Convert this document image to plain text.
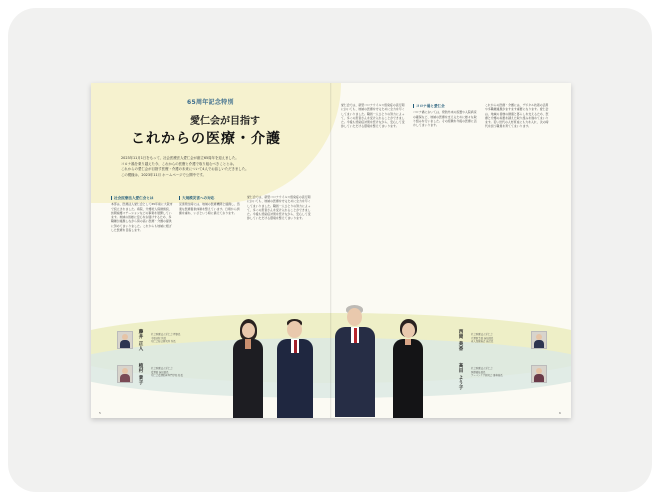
65周年記念特別
愛仁会が目指す
これからの医療・介護

2023年11月1日をもって、社会医療法人愛仁会が創立65周年を迎えました。

コロナ禍を乗り越えた今、これからの医療と介護で取り組むべきこととは。

これからの愛仁会が目指す医療・介護の未来について4人でお話しいただきました。

この模様は、2023年11月 ホームページで公開中です。

社会医療法人愛仁会とは

本部は、医療法人愛仁会として65年前に大阪市で設立されました。病院、介護老人保健施設、訪問看護ステーションなどの事業を展開しています。地域の皆様に安心をお届けするため、多職種が連携しながら質の高い医療・介護の提供に努めてまいりました。これからも地域に根ざした医療を目指します。

大規模災害への対応

災害発生時には、地域の医療機関と連携し、迅速な医療提供体制を整えています。日頃から訓練を重ね、いざという時に備えております。

愛仁会では、新型コロナウイルス感染症の流行期においても、地域の医療を守るために全力を尽くしてまいりました。職員一人ひとりの努力によって、多くの患者さんを受け入れることができました。今後も感染症対策を続けながら、安心して受診していただける環境を整えてまいります。

愛仁会では、新型コロナウイルス感染症の流行期においても、地域の医療を守るために全力を尽くしてまいりました。職員一人ひとりの努力によって、多くの患者さんを受け入れることができました。今後も感染症対策を続けながら、安心して受診していただける環境を整えてまいります。

コロナ禍と愛仁会

コロナ禍においては、発熱外来の設置や入院病床の確保など、地域の医療を支えるために様々な取り組みを行いました。その経験を今後の医療に活かしてまいります。

これからの医療・介護には、デジタル技術の活用や多職種連携がますます重要になります。愛仁会は、地域の皆様の健康と暮らしを支えるため、医療と介護の垣根を越えた取り組みを進めてまいります。若い世代の人材育成にも力を入れ、次の時代を担う職員を育ててまいります。

藤井 正人	社会医療法人愛仁会 理事長
千船病院 院長
愛仁会総合研究所 所長
植村 景子	社会医療法人愛仁会
看護部 統括部長
愛仁会看護助産専門学校 校長
社会医療法人愛仁会
介護事業部 統括部長
老人保健施設 施設長
西岡 美香
社会医療法人愛仁会
医療福祉部長
アーバンケア研究会 事務局長
高田 よう子
5	6
